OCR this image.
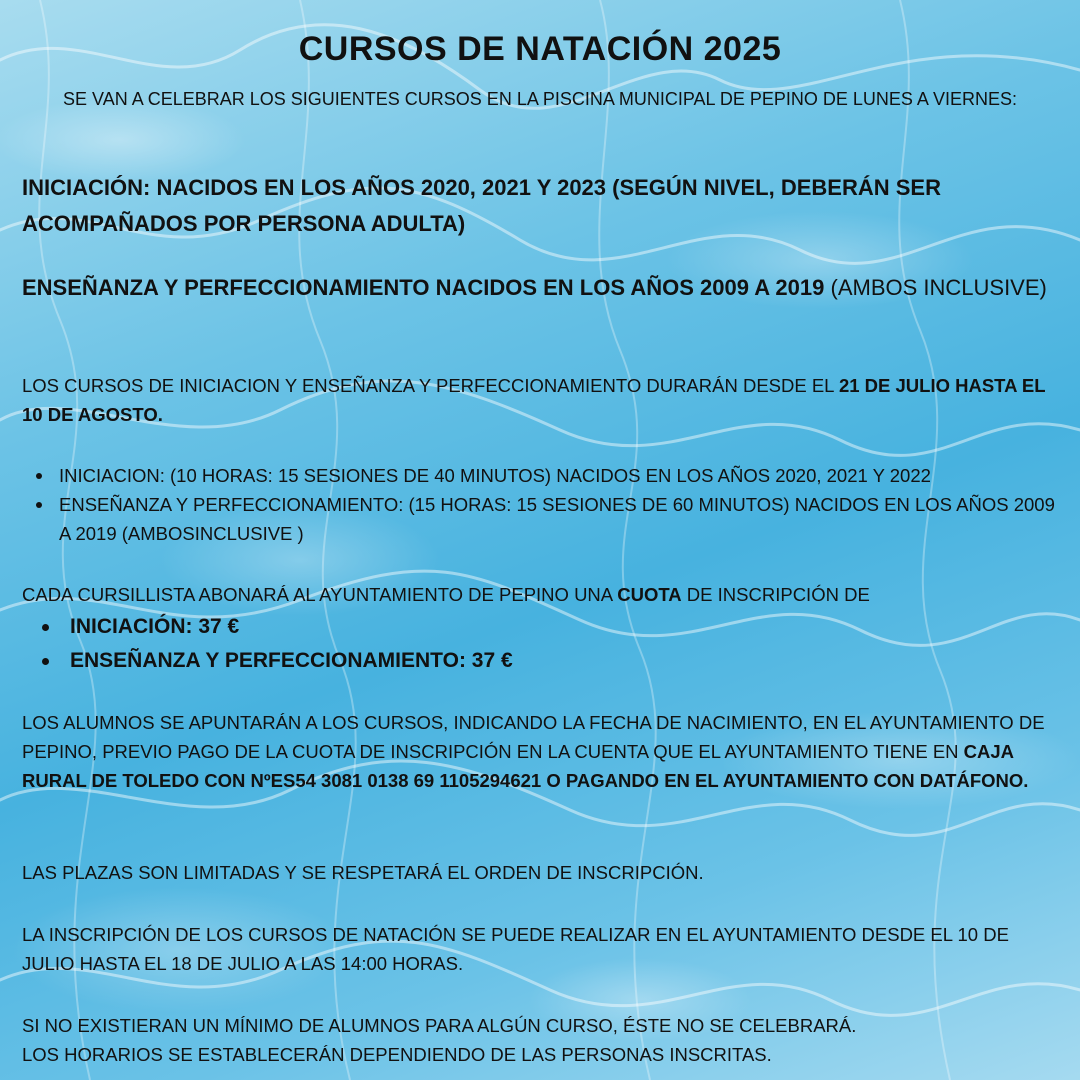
CURSOS DE NATACIÓN 2025

SE VAN A CELEBRAR LOS SIGUIENTES CURSOS EN LA PISCINA MUNICIPAL DE PEPINO DE LUNES A VIERNES:

INICIACIÓN: NACIDOS EN LOS AÑOS 2020, 2021 Y 2023 (SEGÚN NIVEL, DEBERÁN SER ACOMPAÑADOS POR PERSONA ADULTA)

ENSEÑANZA Y PERFECCIONAMIENTO NACIDOS EN LOS AÑOS 2009 A 2019 (AMBOS INCLUSIVE)

LOS CURSOS DE INICIACION Y ENSEÑANZA Y PERFECCIONAMIENTO DURARÁN DESDE EL 21 DE JULIO HASTA EL 10 DE AGOSTO.

INICIACION: (10 HORAS: 15 SESIONES DE 40 MINUTOS) NACIDOS EN LOS AÑOS 2020, 2021 Y 2022
ENSEÑANZA Y PERFECCIONAMIENTO: (15 HORAS: 15 SESIONES DE 60 MINUTOS) NACIDOS EN LOS AÑOS 2009 A 2019 (AMBOSINCLUSIVE )

CADA CURSILLISTA ABONARÁ AL AYUNTAMIENTO DE PEPINO UNA CUOTA DE INSCRIPCIÓN DE

INICIACIÓN: 37 €
ENSEÑANZA Y PERFECCIONAMIENTO: 37 €

LOS ALUMNOS SE APUNTARÁN A LOS CURSOS, INDICANDO LA FECHA DE NACIMIENTO, EN EL AYUNTAMIENTO DE PEPINO, PREVIO PAGO DE LA CUOTA DE INSCRIPCIÓN EN LA CUENTA QUE EL AYUNTAMIENTO TIENE EN CAJA RURAL DE TOLEDO CON NºES54 3081 0138 69 1105294621 O PAGANDO EN EL AYUNTAMIENTO CON DATÁFONO.

LAS PLAZAS SON LIMITADAS Y SE RESPETARÁ EL ORDEN DE INSCRIPCIÓN.

LA INSCRIPCIÓN DE LOS CURSOS DE NATACIÓN SE PUEDE REALIZAR EN EL AYUNTAMIENTO DESDE EL 10 DE JULIO HASTA EL 18 DE JULIO A LAS 14:00 HORAS.

SI NO EXISTIERAN UN MÍNIMO DE ALUMNOS PARA ALGÚN CURSO, ÉSTE NO SE CELEBRARÁ.

LOS HORARIOS SE ESTABLECERÁN DEPENDIENDO DE LAS PERSONAS INSCRITAS.
